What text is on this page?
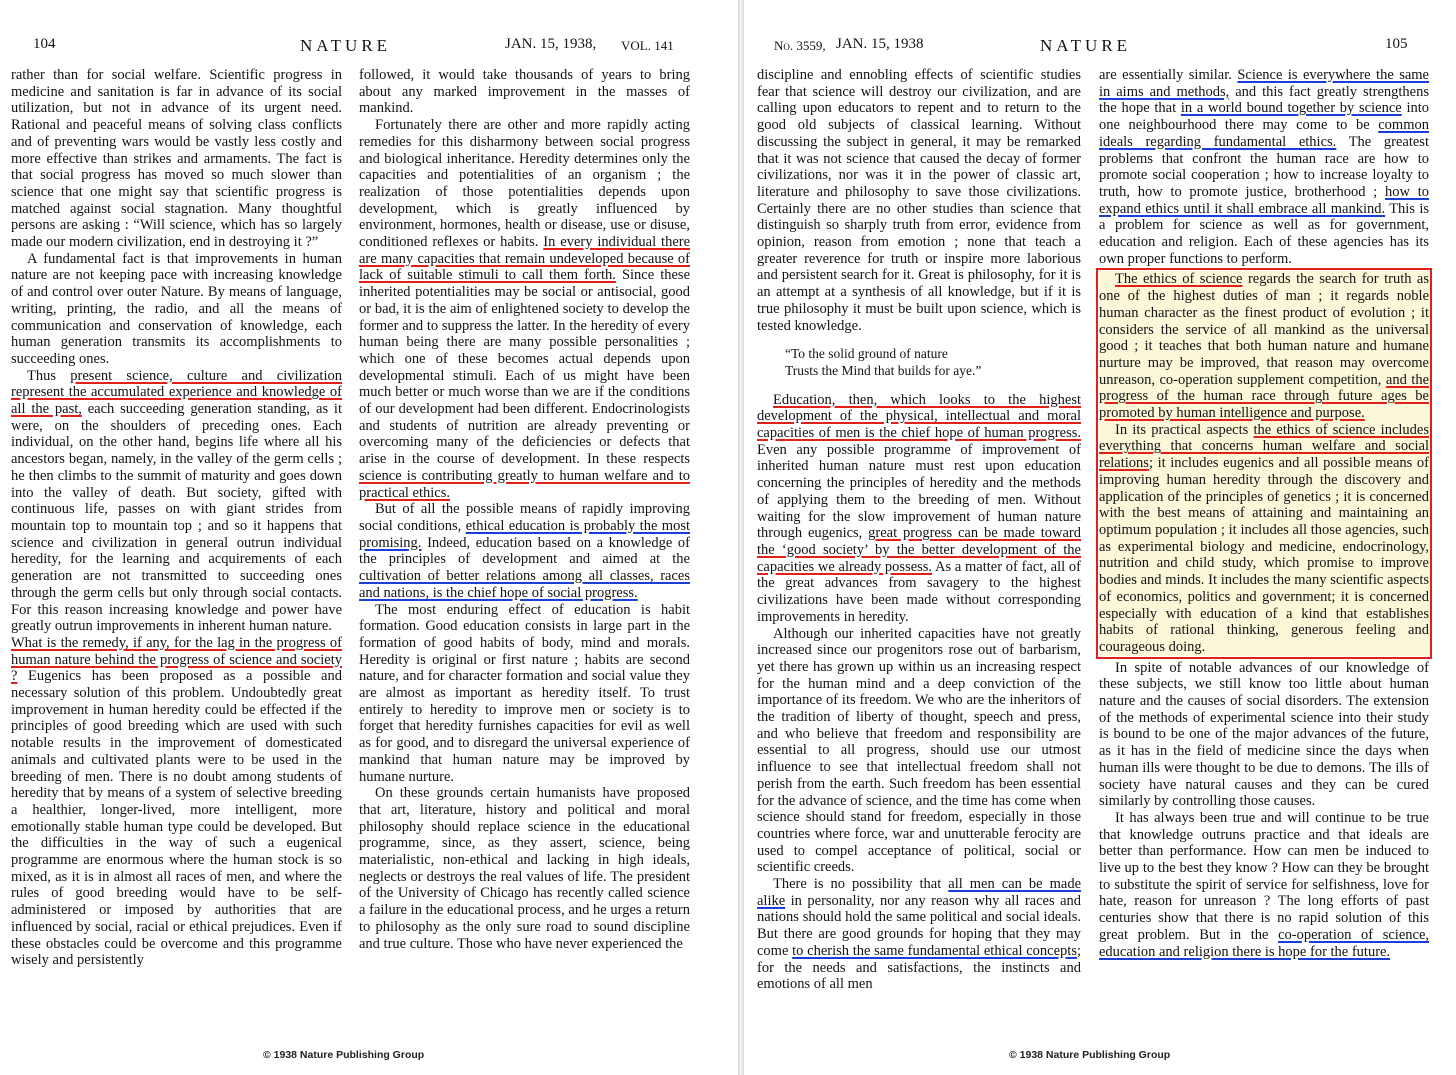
104	NATURE	JAN. 15, 1938, VOL. 141

rather than for social welfare. Scientific progress in medicine and sanitation is far in advance of its social utilization, but not in advance of its urgent need. Rational and peaceful means of solving class conflicts and of preventing wars would be vastly less costly and more effective than strikes and armaments. The fact is that social progress has moved so much slower than science that one might say that scientific progress is matched against social stagnation. Many thoughtful persons are asking : “Will science, which has so largely made our modern civilization, end in destroying it ?”

A fundamental fact is that improvements in human nature are not keeping pace with increasing knowledge of and control over outer Nature. By means of language, writing, printing, the radio, and all the means of communication and conservation of knowledge, each human generation transmits its accomplishments to succeeding ones.

Thus present science, culture and civilization represent the accumulated experience and knowledge of all the past, each succeeding generation standing, as it were, on the shoulders of preceding ones. Each individual, on the other hand, begins life where all his ancestors began, namely, in the valley of the germ cells ; he then climbs to the summit of maturity and goes down into the valley of death. But society, gifted with continuous life, passes on with giant strides from mountain top to mountain top ; and so it happens that science and civilization in general outrun individual heredity, for the learning and acquirements of each generation are not transmitted to succeeding ones through the germ cells but only through social contacts. For this reason increasing knowledge and power have greatly outrun improvements in inherent human nature.

What is the remedy, if any, for the lag in the progress of human nature behind the progress of science and society ? Eugenics has been proposed as a possible and necessary solution of this problem. Undoubtedly great improvement in human heredity could be effected if the principles of good breeding which are used with such notable results in the improvement of domesticated animals and cultivated plants were to be used in the breeding of men. There is no doubt among students of heredity that by means of a system of selective breeding a healthier, longer-lived, more intelligent, more emotionally stable human type could be developed. But the difficulties in the way of such a eugenical programme are enormous where the human stock is so mixed, as it is in almost all races of men, and where the rules of good breeding would have to be self-administered or imposed by authorities that are influenced by social, racial or ethical prejudices. Even if these obstacles could be overcome and this programme wisely and persistently

followed, it would take thousands of years to bring about any marked improvement in the masses of mankind.

Fortunately there are other and more rapidly acting remedies for this disharmony between social progress and biological inheritance. Heredity determines only the capacities and potentialities of an organism ; the realization of those potentialities depends upon development, which is greatly influenced by environment, hormones, health or disease, use or disuse, conditioned reflexes or habits. In every individual there are many capacities that remain undeveloped because of lack of suitable stimuli to call them forth. Since these inherited potentialities may be social or antisocial, good or bad, it is the aim of enlightened society to develop the former and to suppress the latter. In the heredity of every human being there are many possible personalities ; which one of these becomes actual depends upon developmental stimuli. Each of us might have been much better or much worse than we are if the conditions of our development had been different. Endocrinologists and students of nutrition are already preventing or overcoming many of the deficiencies or defects that arise in the course of development. In these respects science is contributing greatly to human welfare and to practical ethics.

But of all the possible means of rapidly improving social conditions, ethical education is probably the most promising. Indeed, education based on a knowledge of the principles of development and aimed at the cultivation of better relations among all classes, races and nations, is the chief hope of social progress.

The most enduring effect of education is habit formation. Good education consists in large part in the formation of good habits of body, mind and morals. Heredity is original or first nature ; habits are second nature, and for character formation and social value they are almost as important as heredity itself. To trust entirely to heredity to improve men or society is to forget that heredity furnishes capacities for evil as well as for good, and to disregard the universal experience of mankind that human nature may be improved by humane nurture.

On these grounds certain humanists have proposed that art, literature, history and political and moral philosophy should replace science in the educational programme, since, as they assert, science, being materialistic, non-ethical and lacking in high ideals, neglects or destroys the real values of life. The president of the University of Chicago has recently called science a failure in the educational process, and he urges a return to philosophy as the only sure road to sound discipline and true culture. Those who have never experienced the

© 1938 Nature Publishing Group
No. 3559, JAN. 15, 1938	NATURE	105

discipline and ennobling effects of scientific studies fear that science will destroy our civilization, and are calling upon educators to repent and to return to the good old subjects of classical learning. Without discussing the subject in general, it may be remarked that it was not science that caused the decay of former civilizations, nor was it in the power of classic art, literature and philosophy to save those civilizations. Certainly there are no other studies than science that distinguish so sharply truth from error, evidence from opinion, reason from emotion ; none that teach a greater reverence for truth or inspire more laborious and persistent search for it. Great is philosophy, for it is an attempt at a synthesis of all knowledge, but if it is true philosophy it must be built upon science, which is tested knowledge.

“To the solid ground of nature
Trusts the Mind that builds for aye.”

Education, then, which looks to the highest development of the physical, intellectual and moral capacities of men is the chief hope of human progress. Even any possible programme of improvement of inherited human nature must rest upon education concerning the principles of heredity and the methods of applying them to the breeding of men. Without waiting for the slow improvement of human nature through eugenics, great progress can be made toward the ‘good society’ by the better development of the capacities we already possess. As a matter of fact, all of the great advances from savagery to the highest civilizations have been made without corresponding improvements in heredity.

Although our inherited capacities have not greatly increased since our progenitors rose out of barbarism, yet there has grown up within us an increasing respect for the human mind and a deep conviction of the importance of its freedom. We who are the inheritors of the tradition of liberty of thought, speech and press, and who believe that freedom and responsibility are essential to all progress, should use our utmost influence to see that intellectual freedom shall not perish from the earth. Such freedom has been essential for the advance of science, and the time has come when science should stand for freedom, especially in those countries where force, war and unutterable ferocity are used to compel acceptance of political, social or scientific creeds.

There is no possibility that all men can be made alike in personality, nor any reason why all races and nations should hold the same political and social ideals. But there are good grounds for hoping that they may come to cherish the same fundamental ethical concepts; for the needs and satisfactions, the instincts and emotions of all men

are essentially similar. Science is everywhere the same in aims and methods, and this fact greatly strengthens the hope that in a world bound together by science into one neighbourhood there may come to be common ideals regarding fundamental ethics. The greatest problems that confront the human race are how to promote social cooperation ; how to increase loyalty to truth, how to promote justice, brotherhood ; how to expand ethics until it shall embrace all mankind. This is a problem for science as well as for government, education and religion. Each of these agencies has its own proper functions to perform.

The ethics of science regards the search for truth as one of the highest duties of man ; it regards noble human character as the finest product of evolution ; it considers the service of all mankind as the universal good ; it teaches that both human nature and humane nurture may be improved, that reason may overcome unreason, co-operation supplement competition, and the progress of the human race through future ages be promoted by human intelligence and purpose.

In its practical aspects the ethics of science includes everything that concerns human welfare and social relations; it includes eugenics and all possible means of improving human heredity through the discovery and application of the principles of genetics ; it is concerned with the best means of attaining and maintaining an optimum population ; it includes all those agencies, such as experimental biology and medicine, endocrinology, nutrition and child study, which promise to improve bodies and minds. It includes the many scientific aspects of economics, politics and government; it is concerned especially with education of a kind that establishes habits of rational thinking, generous feeling and courageous doing.

In spite of notable advances of our knowledge of these subjects, we still know too little about human nature and the causes of social disorders. The extension of the methods of experimental science into their study is bound to be one of the major advances of the future, as it has in the field of medicine since the days when human ills were thought to be due to demons. The ills of society have natural causes and they can be cured similarly by controlling those causes.

It has always been true and will continue to be true that knowledge outruns practice and that ideals are better than performance. How can men be induced to live up to the best they know ? How can they be brought to substitute the spirit of service for selfishness, love for hate, reason for unreason ? The long efforts of past centuries show that there is no rapid solution of this great problem. But in the co-operation of science, education and religion there is hope for the future.

© 1938 Nature Publishing Group
